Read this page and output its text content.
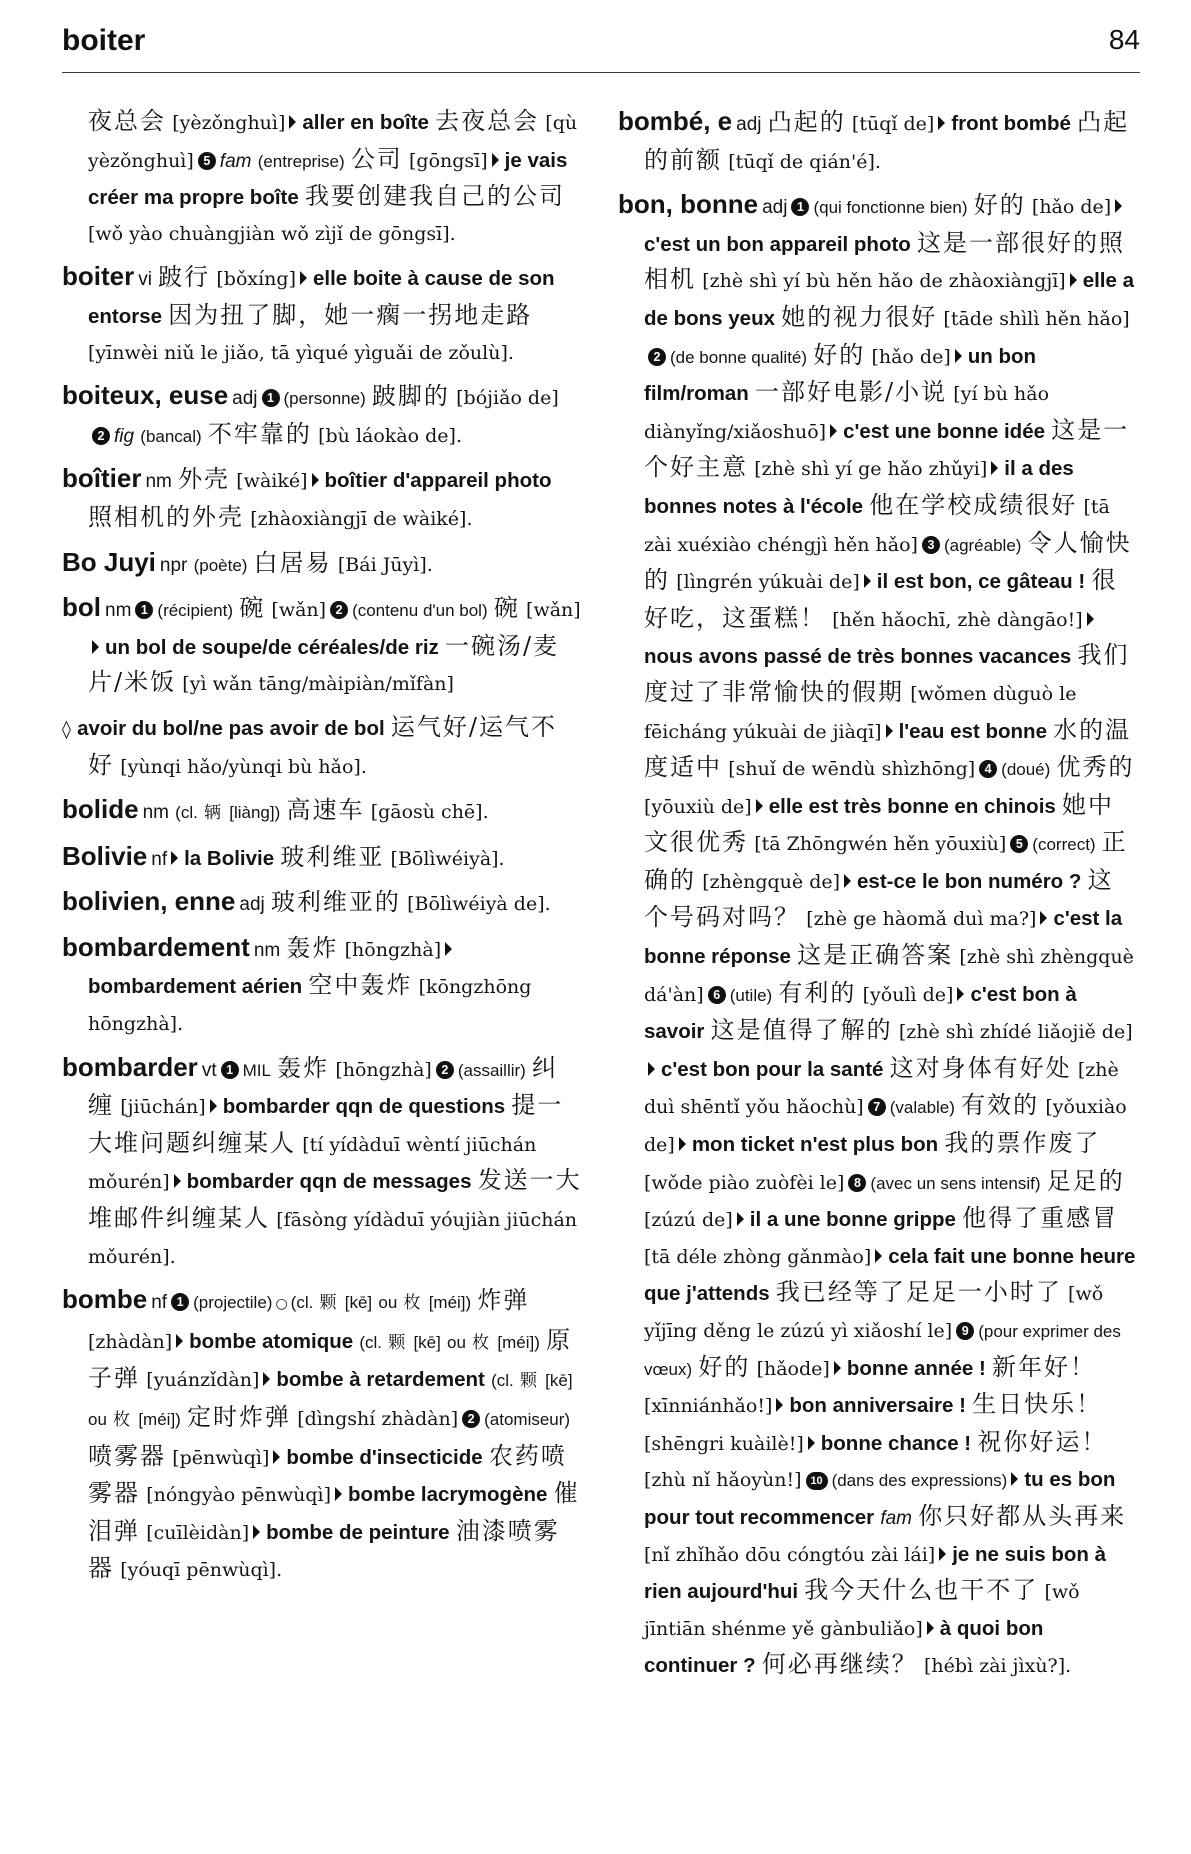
boiter	84

夜总会 [yèzǒnghuì] aller en boîte 去夜总会 [qù yèzǒnghuì] 5 fam (entreprise) 公司 [gōngsī] je vais créer ma propre boîte 我要创建我自己的公司 [wǒ yào chuàngjiàn wǒ zìjǐ de gōngsī].

boiter vi 跛行 [bǒxíng] elle boite à cause de son entorse 因为扭了脚，她一瘸一拐地走路 [yīnwèi niǔ le jiǎo, tā yìqué yìguǎi de zǒulù].

boiteux, euse adj 1 (personne) 跛脚的 [bójiǎo de]2 fig (bancal) 不牢靠的 [bù láokào de].

boîtier nm 外壳 [wàiké] boîtier d'appareil photo 照相机的外壳 [zhàoxiàngjī de wàiké].

Bo Juyi npr (poète) 白居易 [Bái Jūyì].

bol nm 1 (récipient) 碗 [wǎn] 2 (contenu d'un bol) 碗 [wǎn]un bol de soupe/de céréales/de riz 一碗汤/麦片/米饭 [yì wǎn tāng/màipiàn/mǐfàn]

◊ avoir du bol/ne pas avoir de bol 运气好/运气不好 [yùnqi hǎo/yùnqi bù hǎo].

bolide nm (cl. 辆 [liàng]) 高速车 [gāosù chē].

Bolivie nf la Bolivie 玻利维亚 [Bōlìwéiyà].

bolivien, enne adj 玻利维亚的 [Bōlìwéiyà de].

bombardement nm 轰炸 [hōngzhà]bombardement aérien 空中轰炸 [kōngzhōng hōngzhà].

bombarder vt 1 MIL 轰炸 [hōngzhà] 2 (assaillir) 纠缠 [jiūchán] bombarder qqn de questions 提一大堆问题纠缠某人 [tí yídàduī wèntí jiūchán mǒurén] bombarder qqn de messages 发送一大堆邮件纠缠某人 [fāsòng yídàduī yóujiàn jiūchán mǒurén].

bombe nf 1 (projectile) ○ (cl. 颗 [kē] ou 枚 [méi]) 炸弹 [zhàdàn] bombe atomique (cl. 颗 [kē] ou 枚 [méi]) 原子弹 [yuánzǐdàn] bombe à retardement (cl. 颗 [kē] ou 枚 [méi]) 定时炸弹 [dìngshí zhàdàn] 2 (atomiseur) 喷雾器 [pēnwùqì] bombe d'insecticide 农药喷雾器 [nóngyào pēnwùqì] bombe lacrymogène 催泪弹 [cuīlèidàn] bombe de peinture 油漆喷雾器 [yóuqī pēnwùqì].

bombé, e adj 凸起的 [tūqǐ de] front bombé 凸起的前额 [tūqǐ de qián'é].

bon, bonne adj 1 (qui fonctionne bien) 好的 [hǎo de]c'est un bon appareil photo 这是一部很好的照相机 [zhè shì yí bù hěn hǎo de zhàoxiàngjī] elle a de bons yeux 她的视力很好 [tāde shìlì hěn hǎo]2 (de bonne qualité) 好的 [hǎo de] un bon film/roman 一部好电影/小说 [yí bù hǎo diànyǐng/xiǎoshuō] c'est une bonne idée 这是一个好主意 [zhè shì yí ge hǎo zhǔyi] il a des bonnes notes à l'école 他在学校成绩很好 [tā zài xuéxiào chéngjì hěn hǎo] 3 (agréable) 令人愉快的 [lìngrén yúkuài de] il est bon, ce gâteau ! 很好吃，这蛋糕！ [hěn hǎochī, zhè dàngāo!]nous avons passé de très bonnes vacances 我们度过了非常愉快的假期 [wǒmen dùguò le fēicháng yúkuài de jiàqī] l'eau est bonne 水的温度适中 [shuǐ de wēndù shìzhōng] 4 (doué) 优秀的 [yōuxiù de] elle est très bonne en chinois 她中文很优秀 [tā Zhōngwén hěn yōuxiù] 5 (correct) 正确的 [zhèngquè de] est-ce le bon numéro ? 这个号码对吗？ [zhè ge hàomǎ duì ma?] c'est la bonne réponse 这是正确答案 [zhè shì zhèngquè dá'àn] 6 (utile) 有利的 [yǒulì de] c'est bon à savoir 这是值得了解的 [zhè shì zhídé liǎojiě de]c'est bon pour la santé 这对身体有好处 [zhè duì shēntǐ yǒu hǎochù] 7 (valable) 有效的 [yǒuxiào de] mon ticket n'est plus bon 我的票作废了 [wǒde piào zuòfèi le] 8 (avec un sens intensif) 足足的 [zúzú de] il a une bonne grippe 他得了重感冒 [tā déle zhòng gǎnmào] cela fait une bonne heure que j'attends 我已经等了足足一小时了 [wǒ yǐjīng děng le zúzú yì xiǎoshí le] 9 (pour exprimer des vœux) 好的 [hǎode] bonne année ! 新年好！ [xīnniánhǎo!] bon anniversaire ! 生日快乐！ [shēngri kuàilè!] bonne chance ! 祝你好运！ [zhù nǐ hǎoyùn!] 10 (dans des expressions) tu es bon pour tout recommencer fam 你只好都从头再来 [nǐ zhǐhǎo dōu cóngtóu zài lái] je ne suis bon à rien aujourd'hui 我今天什么也干不了 [wǒ jīntiān shénme yě gànbuliǎo] à quoi bon continuer ? 何必再继续？ [hébì zài jìxù?].
